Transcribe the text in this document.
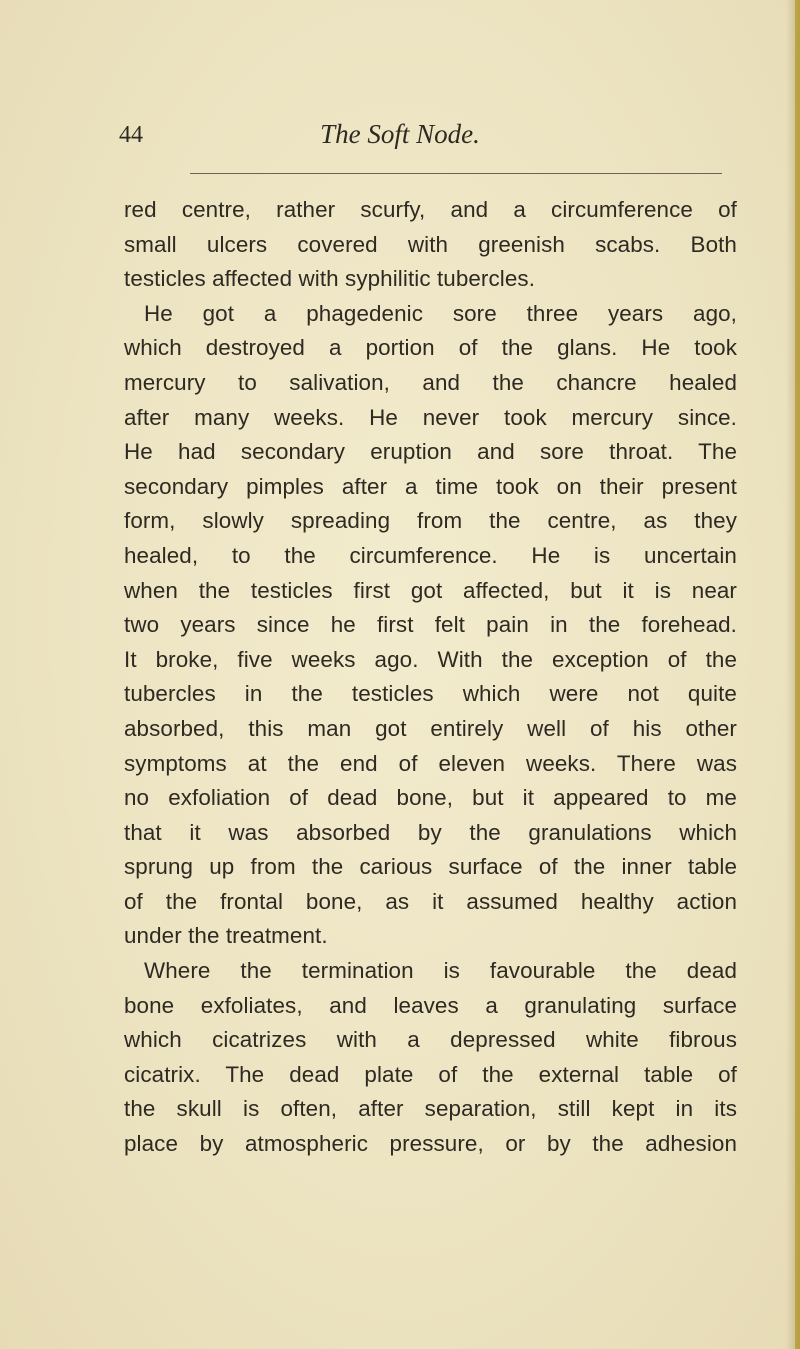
44	The Soft Node.

red centre, rather scurfy, and a circumference of
small ulcers covered with greenish scabs. Both
testicles affected with syphilitic tubercles.
He got a phagedenic sore three years ago,
which destroyed a portion of the glans. He took
mercury to salivation, and the chancre healed
after many weeks. He never took mercury since.
He had secondary eruption and sore throat. The
secondary pimples after a time took on their present
form, slowly spreading from the centre, as they
healed, to the circumference. He is uncertain
when the testicles first got affected, but it is near
two years since he first felt pain in the forehead.
It broke, five weeks ago. With the exception of the
tubercles in the testicles which were not quite
absorbed, this man got entirely well of his other
symptoms at the end of eleven weeks. There was
no exfoliation of dead bone, but it appeared to me
that it was absorbed by the granulations which
sprung up from the carious surface of the inner table
of the frontal bone, as it assumed healthy action
under the treatment.
Where the termination is favourable the dead
bone exfoliates, and leaves a granulating surface
which cicatrizes with a depressed white fibrous
cicatrix. The dead plate of the external table of
the skull is often, after separation, still kept in its
place by atmospheric pressure, or by the adhesion
